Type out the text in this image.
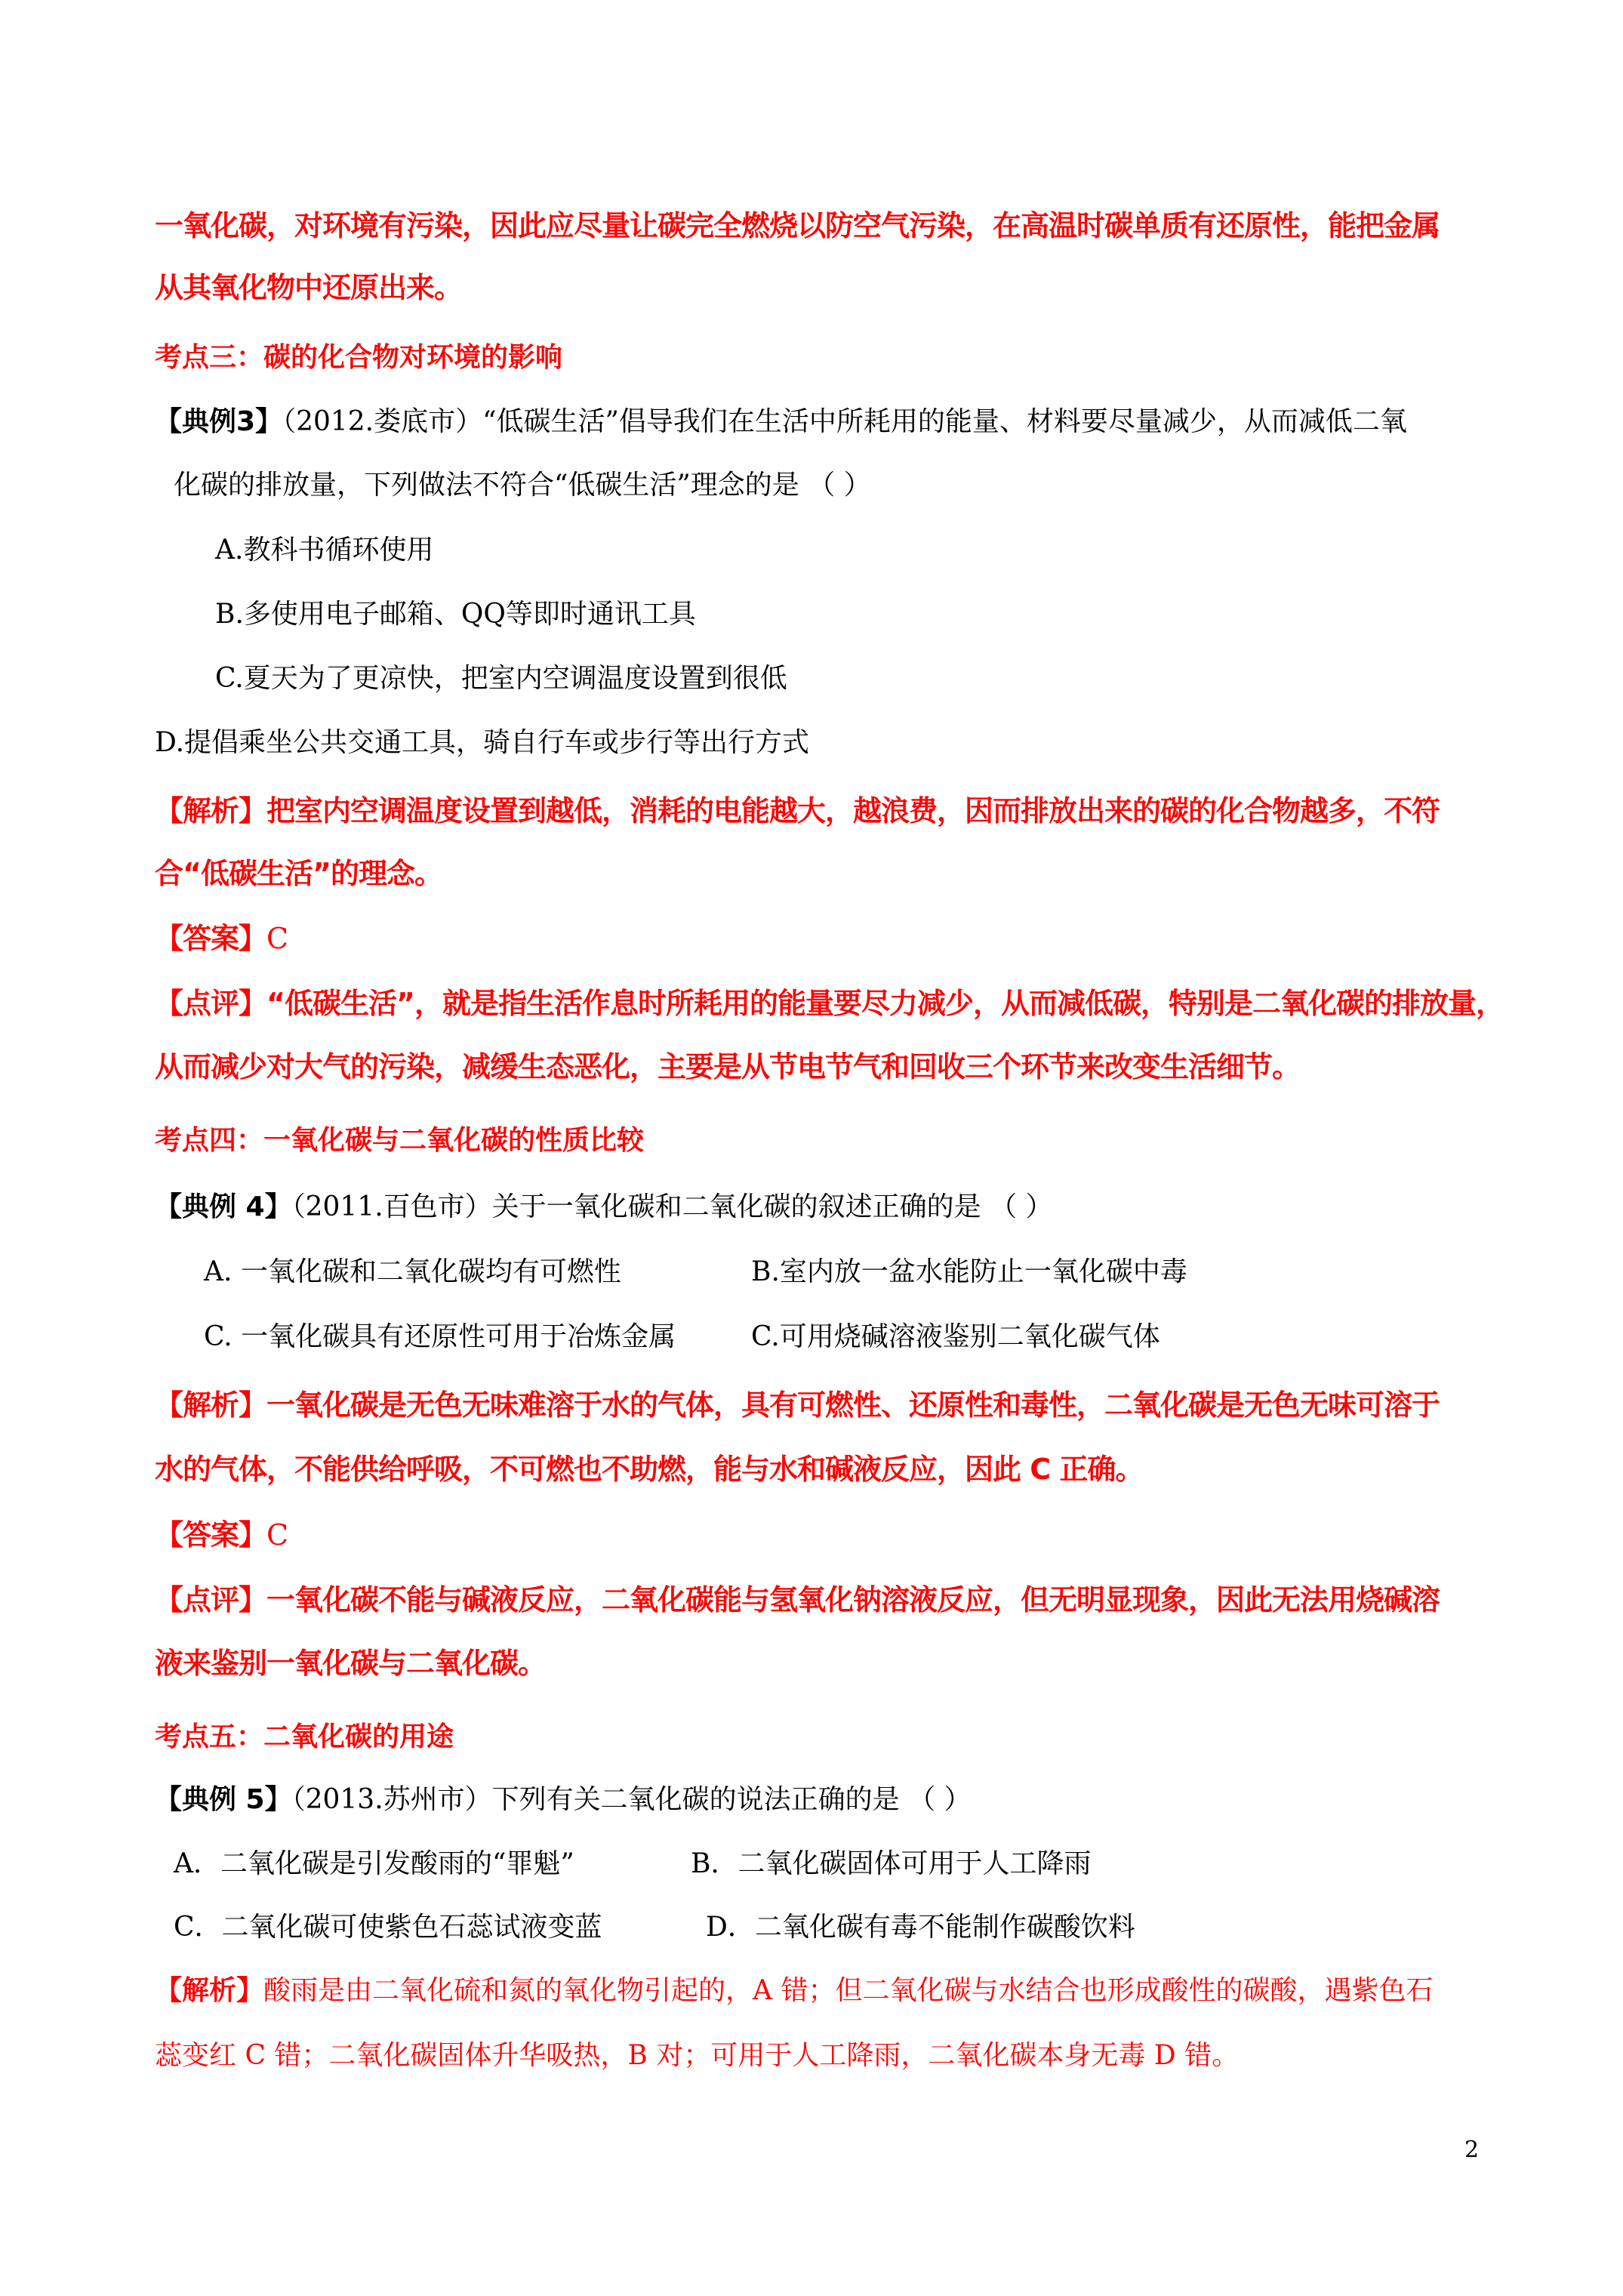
一氧化碳，对环境有污染，因此应尽量让碳完全燃烧以防空气污染，在高温时碳单质有还原性，能把金属
从其氧化物中还原出来。
考点三：碳的化合物对环境的影响
【典例3】（2012.娄底市）“低碳生活”倡导我们在生活中所耗用的能量、材料要尽量减少，从而减低二氧
化碳的排放量，下列做法不符合“低碳生活”理念的是 （ ）
A.教科书循环使用
B.多使用电子邮箱、QQ等即时通讯工具
C.夏天为了更凉快，把室内空调温度设置到很低
D.提倡乘坐公共交通工具，骑自行车或步行等出行方式
【解析】把室内空调温度设置到越低，消耗的电能越大，越浪费，因而排放出来的碳的化合物越多，不符
合“低碳生活”的理念。
【答案】C
【点评】“低碳生活”，就是指生活作息时所耗用的能量要尽力减少，从而减低碳，特别是二氧化碳的排放量，
从而减少对大气的污染，减缓生态恶化，主要是从节电节气和回收三个环节来改变生活细节。
考点四：一氧化碳与二氧化碳的性质比较
【典例 4】（2011.百色市）关于一氧化碳和二氧化碳的叙述正确的是 （ ）
A. 一氧化碳和二氧化碳均有可燃性	B.室内放一盆水能防止一氧化碳中毒
C. 一氧化碳具有还原性可用于冶炼金属	C.可用烧碱溶液鉴别二氧化碳气体
【解析】一氧化碳是无色无味难溶于水的气体，具有可燃性、还原性和毒性，二氧化碳是无色无味可溶于
水的气体，不能供给呼吸，不可燃也不助燃，能与水和碱液反应，因此 C 正确。
【答案】C
【点评】一氧化碳不能与碱液反应，二氧化碳能与氢氧化钠溶液反应，但无明显现象，因此无法用烧碱溶
液来鉴别一氧化碳与二氧化碳。
考点五：二氧化碳的用途
【典例 5】（2013.苏州市）下列有关二氧化碳的说法正确的是 （ ）
A．二氧化碳是引发酸雨的“罪魁”	B．二氧化碳固体可用于人工降雨
C．二氧化碳可使紫色石蕊试液变蓝	D．二氧化碳有毒不能制作碳酸饮料
【解析】酸雨是由二氧化硫和氮的氧化物引起的，A 错；但二氧化碳与水结合也形成酸性的碳酸，遇紫色石
蕊变红 C 错；二氧化碳固体升华吸热，B 对；可用于人工降雨，二氧化碳本身无毒 D 错。
2
